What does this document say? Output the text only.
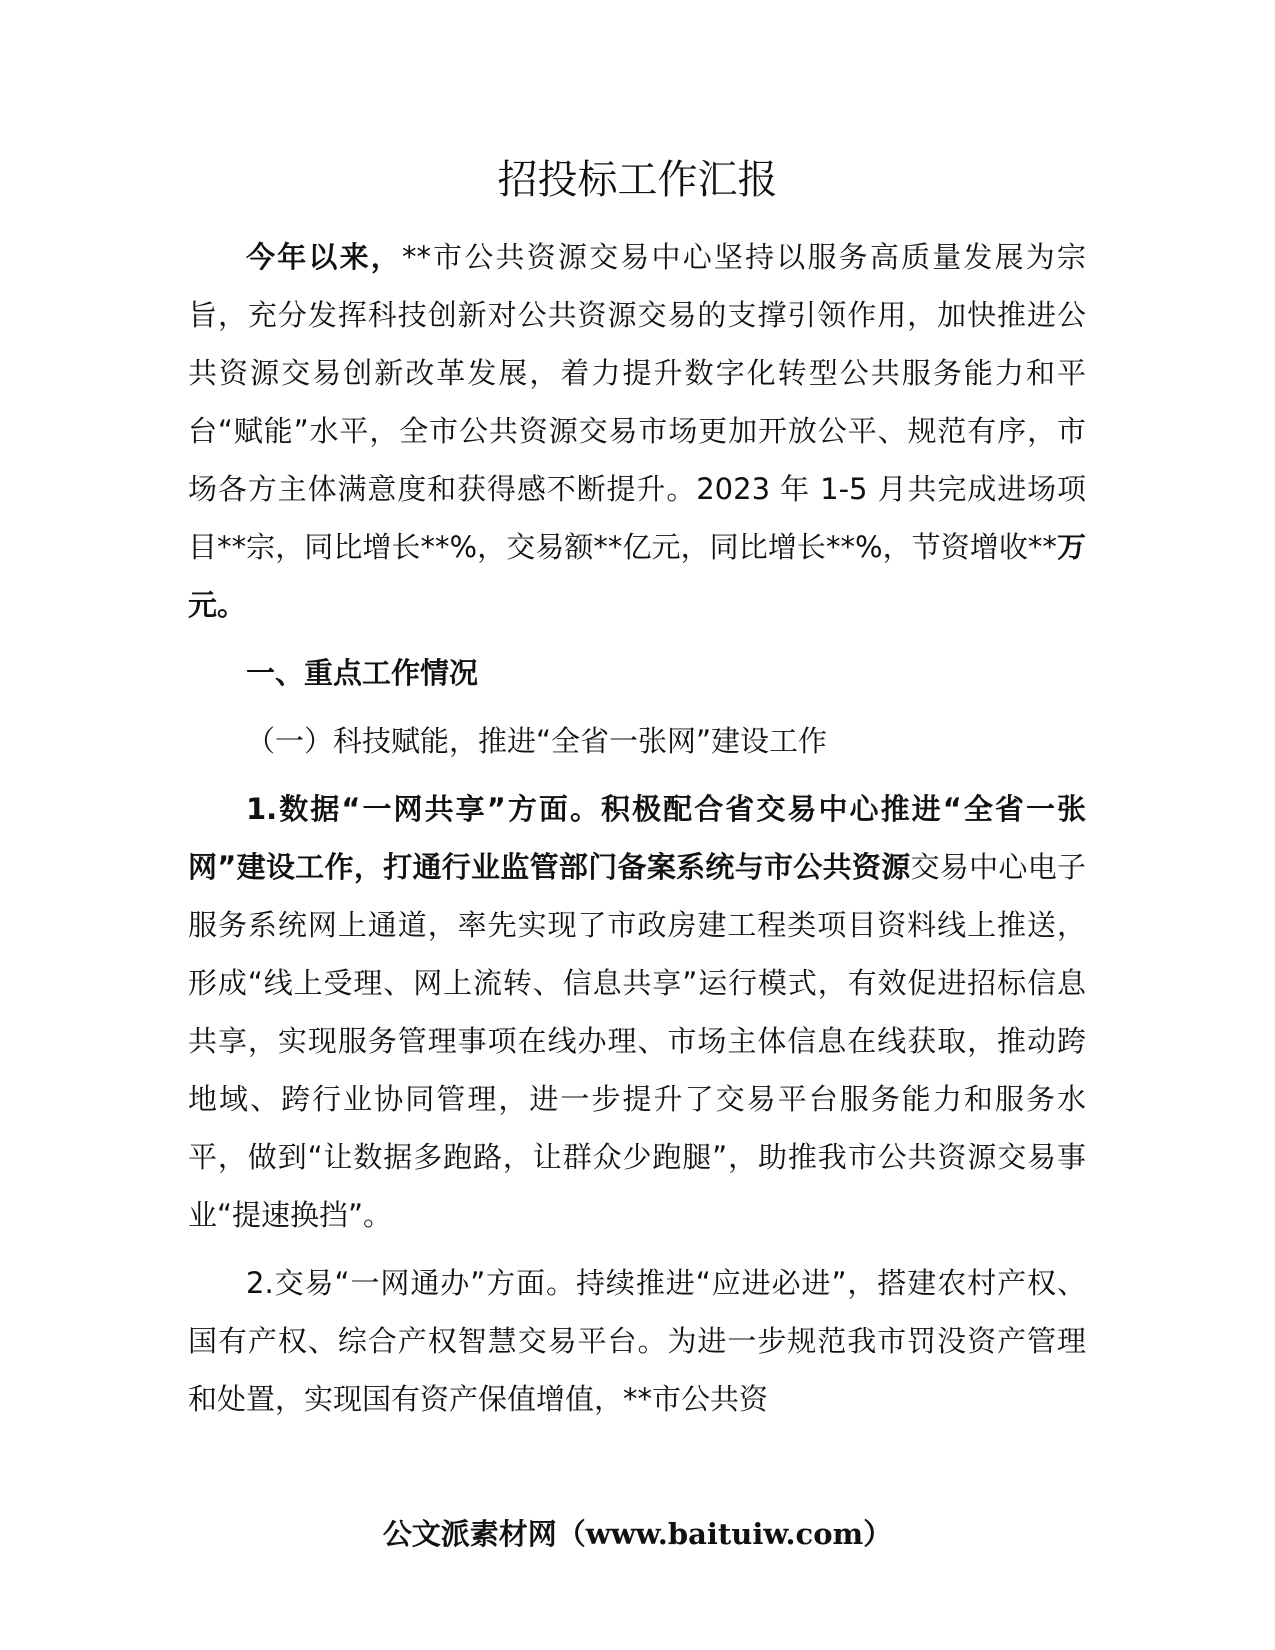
招投标工作汇报

今年以来，**市公共资源交易中心坚持以服务高质量发展为宗旨，充分发挥科技创新对公共资源交易的支撑引领作用，加快推进公共资源交易创新改革发展，着力提升数字化转型公共服务能力和平台“赋能”水平，全市公共资源交易市场更加开放公平、规范有序，市场各方主体满意度和获得感不断提升。2023 年 1-5 月共完成进场项目**宗，同比增长**%，交易额**亿元，同比增长**%，节资增收**万元。

一、重点工作情况

（一）科技赋能，推进“全省一张网”建设工作

1.数据“一网共享”方面。积极配合省交易中心推进“全省一张网”建设工作，打通行业监管部门备案系统与市公共资源交易中心电子服务系统网上通道，率先实现了市政房建工程类项目资料线上推送，形成“线上受理、网上流转、信息共享”运行模式，有效促进招标信息共享，实现服务管理事项在线办理、市场主体信息在线获取，推动跨地域、跨行业协同管理，进一步提升了交易平台服务能力和服务水平，做到“让数据多跑路，让群众少跑腿”，助推我市公共资源交易事业“提速换挡”。

2.交易“一网通办”方面。持续推进“应进必进”，搭建农村产权、国有产权、综合产权智慧交易平台。为进一步规范我市罚没资产管理和处置，实现国有资产保值增值，**市公共资

公文派素材网（www.baituiw.com）
